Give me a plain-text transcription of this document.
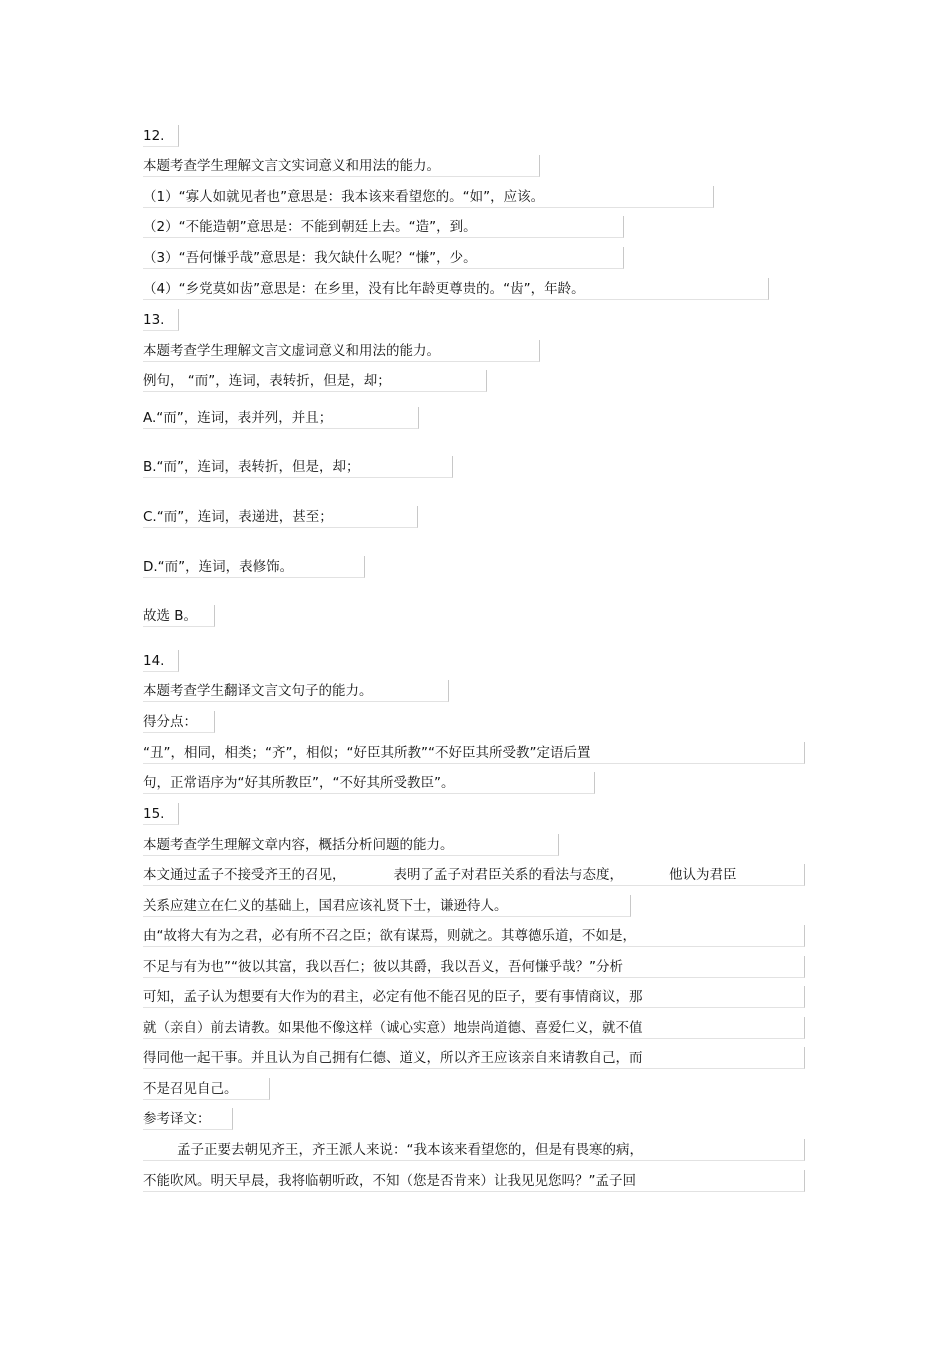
12.
本题考查学生理解文言文实词意义和用法的能力。
（1）“寡人如就见者也”意思是：我本该来看望您的。“如”，应该。
（2）“不能造朝”意思是：不能到朝廷上去。“造”，到。
（3）“吾何慊乎哉”意思是：我欠缺什么呢？“慊”，少。
（4）“乡党莫如齿”意思是：在乡里，没有比年龄更尊贵的。“齿”，年龄。
13.
本题考查学生理解文言文虚词意义和用法的能力。
例句， “而”，连词，表转折，但是，却；
A.“而”，连词，表并列，并且；
B.“而”，连词，表转折，但是，却；
C.“而”，连词，表递进，甚至；
D.“而”，连词，表修饰。
故选 B。
14.
本题考查学生翻译文言文句子的能力。
得分点：
“丑”，相同，相类；“齐”，相似；“好臣其所教”“不好臣其所受教”定语后置
句，正常语序为“好其所教臣”，“不好其所受教臣”。
15.
本题考查学生理解文章内容，概括分析问题的能力。
本文通过孟子不接受齐王的召见，	表明了孟子对君臣关系的看法与态度，	他认为君臣
关系应建立在仁义的基础上，国君应该礼贤下士，谦逊待人。
由“故将大有为之君，必有所不召之臣；欲有谋焉，则就之。其尊德乐道，不如是，
不足与有为也”“彼以其富，我以吾仁；彼以其爵，我以吾义，吾何慊乎哉？”分析
可知，孟子认为想要有大作为的君主，必定有他不能召见的臣子，要有事情商议，那
就（亲自）前去请教。如果他不像这样（诚心实意）地崇尚道德、喜爱仁义，就不值
得同他一起干事。并且认为自己拥有仁德、道义，所以齐王应该亲自来请教自己，而
不是召见自己。
参考译文：
孟子正要去朝见齐王，齐王派人来说：“我本该来看望您的，但是有畏寒的病，
不能吹风。明天早晨，我将临朝听政，不知（您是否肯来）让我见见您吗？”孟子回
